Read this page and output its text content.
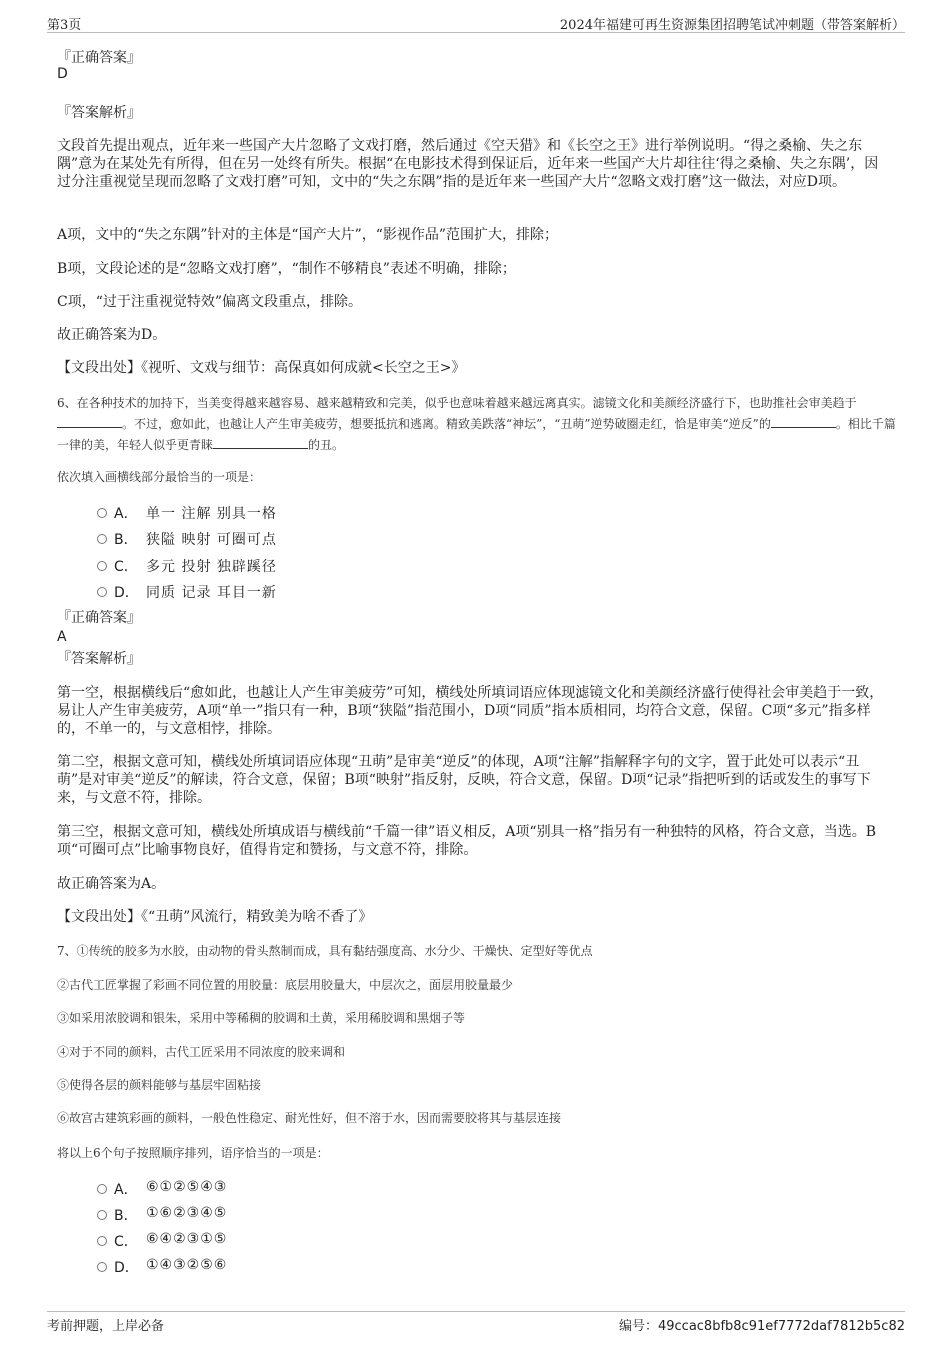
第3页	2024年福建可再生资源集团招聘笔试冲刺题（带答案解析）
『正确答案』
D
『答案解析』
文段首先提出观点，近年来一些国产大片忽略了文戏打磨，然后通过《空天猎》和《长空之王》进行举例说明。“得之桑榆、失之东隅”意为在某处先有所得，但在另一处终有所失。根据“在电影技术得到保证后，近年来一些国产大片却往往‘得之桑榆、失之东隅’，因过分注重视觉呈现而忽略了文戏打磨”可知，文中的“失之东隅”指的是近年来一些国产大片“忽略文戏打磨”这一做法，对应D项。
A项，文中的“失之东隅”针对的主体是“国产大片”，“影视作品”范围扩大，排除；
B项，文段论述的是“忽略文戏打磨”，“制作不够精良”表述不明确，排除；
C项，“过于注重视觉特效”偏离文段重点，排除。
故正确答案为D。
【文段出处】《视听、文戏与细节：高保真如何成就<长空之王>》
6、在各种技术的加持下，当美变得越来越容易、越来越精致和完美，似乎也意味着越来越远离真实。滤镜文化和美颜经济盛行下，也助推社会审美趋于。不过，愈如此，也越让人产生审美疲劳，想要抵抗和逃离。精致美跌落“神坛”，“丑萌”逆势破圈走红，恰是审美“逆反”的	。相比千篇一律的美，年轻人似乎更青睐	的丑。
依次填入画横线部分最恰当的一项是：
A． 单一 注解 别具一格
B． 狭隘 映射 可圈可点
C． 多元 投射 独辟蹊径
D． 同质 记录 耳目一新
『正确答案』
A
『答案解析』
第一空，根据横线后“愈如此，也越让人产生审美疲劳”可知，横线处所填词语应体现滤镜文化和美颜经济盛行使得社会审美趋于一致，易让人产生审美疲劳，A项“单一”指只有一种，B项“狭隘”指范围小，D项“同质”指本质相同，均符合文意，保留。C项“多元”指多样的，不单一的，与文意相悖，排除。
第二空，根据文意可知，横线处所填词语应体现“丑萌”是审美“逆反”的体现，A项“注解”指解释字句的文字，置于此处可以表示“丑萌”是对审美“逆反”的解读，符合文意，保留；B项“映射”指反射，反映，符合文意，保留。D项“记录”指把听到的话或发生的事写下来，与文意不符，排除。
第三空，根据文意可知，横线处所填成语与横线前“千篇一律”语义相反，A项“别具一格”指另有一种独特的风格，符合文意，当选。B项“可圈可点”比喻事物良好，值得肯定和赞扬，与文意不符，排除。
故正确答案为A。
【文段出处】《“丑萌”风流行，精致美为啥不香了》
7、①传统的胶多为水胶，由动物的骨头熬制而成，具有黏结强度高、水分少、干燥快、定型好等优点
②古代工匠掌握了彩画不同位置的用胶量：底层用胶量大，中层次之，面层用胶量最少
③如采用浓胶调和银朱，采用中等稀稠的胶调和土黄，采用稀胶调和黑烟子等
④对于不同的颜料，古代工匠采用不同浓度的胶来调和
⑤使得各层的颜料能够与基层牢固粘接
⑥故宫古建筑彩画的颜料，一般色性稳定、耐光性好，但不溶于水，因而需要胶将其与基层连接
将以上6个句子按照顺序排列，语序恰当的一项是：
A． ⑥①②⑤④③
B． ①⑥②③④⑤
C． ⑥④②③①⑤
D． ①④③②⑤⑥
考前押题，上岸必备	编号：49ccac8bfb8c91ef7772daf7812b5c82
